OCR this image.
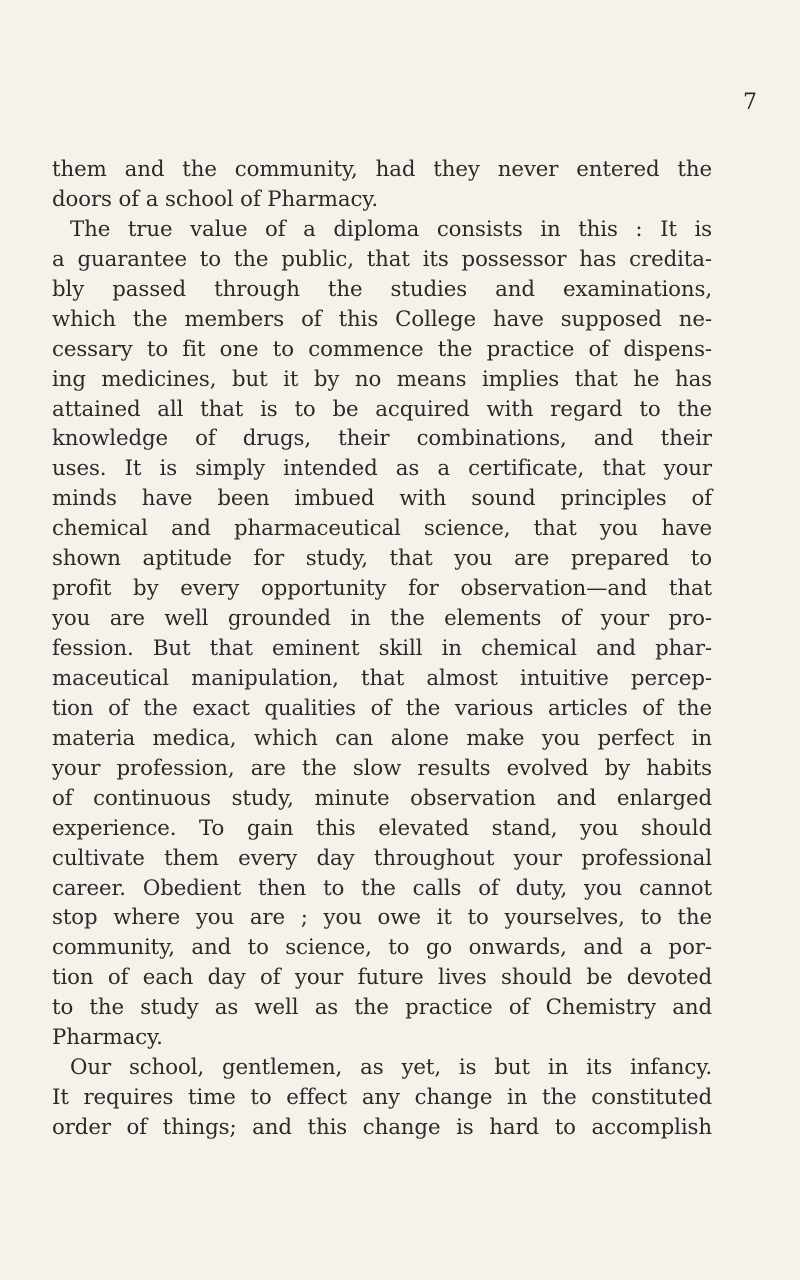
7
them and the community, had they never entered the
doors of a school of Pharmacy.
The true value of a diploma consists in this : It is
a guarantee to the public, that its possessor has credita-
bly passed through the studies and examinations,
which the members of this College have supposed ne-
cessary to fit one to commence the practice of dispens-
ing medicines, but it by no means implies that he has
attained all that is to be acquired with regard to the
knowledge of drugs, their combinations, and their
uses. It is simply intended as a certificate, that your
minds have been imbued with sound principles of
chemical and pharmaceutical science, that you have
shown aptitude for study, that you are prepared to
profit by every opportunity for observation—and that
you are well grounded in the elements of your pro-
fession. But that eminent skill in chemical and phar-
maceutical manipulation, that almost intuitive percep-
tion of the exact qualities of the various articles of the
materia medica, which can alone make you perfect in
your profession, are the slow results evolved by habits
of continuous study, minute observation and enlarged
experience. To gain this elevated stand, you should
cultivate them every day throughout your professional
career. Obedient then to the calls of duty, you cannot
stop where you are ; you owe it to yourselves, to the
community, and to science, to go onwards, and a por-
tion of each day of your future lives should be devoted
to the study as well as the practice of Chemistry and
Pharmacy.
Our school, gentlemen, as yet, is but in its infancy.
It requires time to effect any change in the constituted
order of things; and this change is hard to accomplish
